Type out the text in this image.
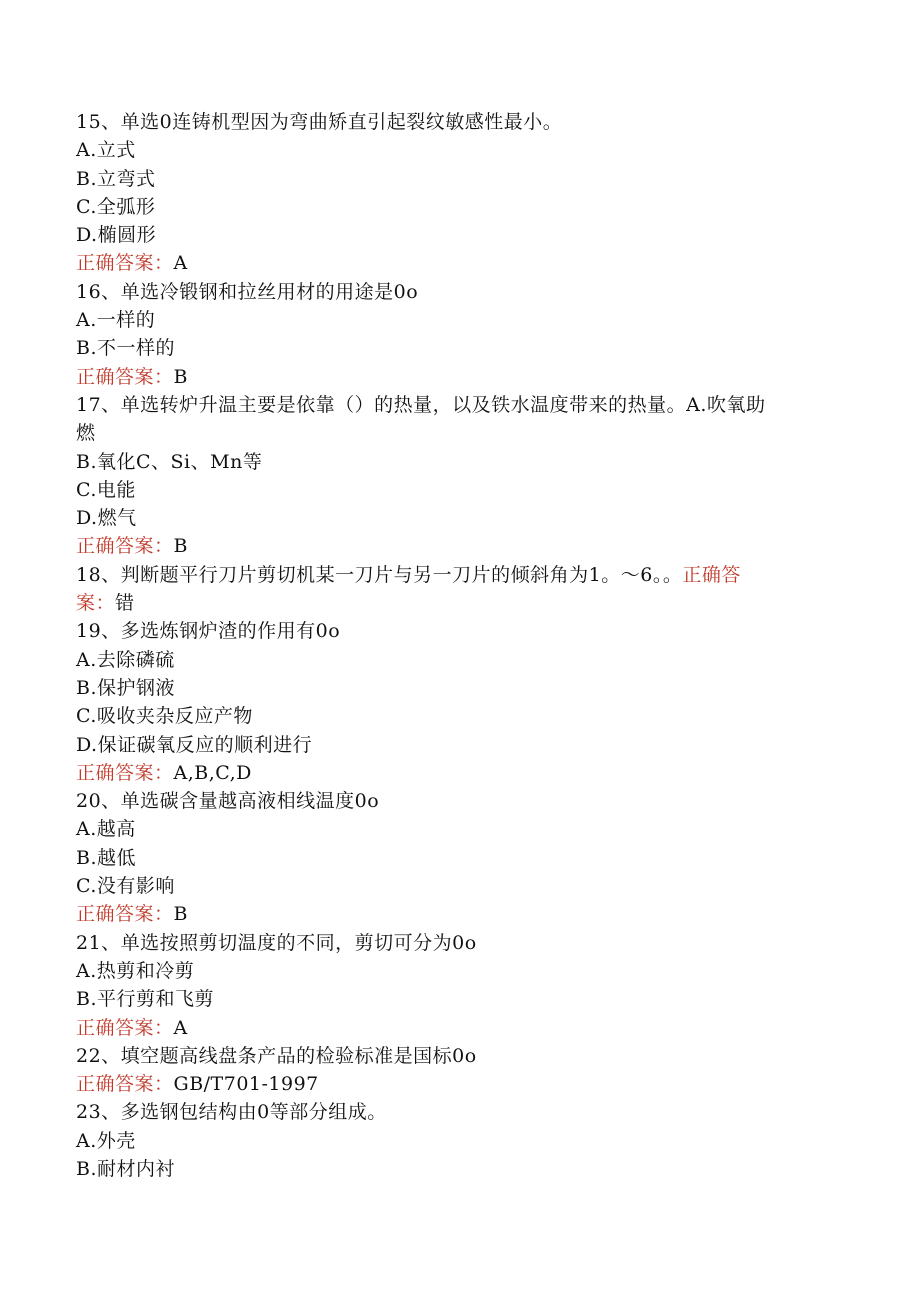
15、单选0连铸机型因为弯曲矫直引起裂纹敏感性最小。
A.立式
B.立弯式
C.全弧形
D.椭圆形
正确答案：A
16、单选冷锻钢和拉丝用材的用途是0o
A.一样的
B.不一样的
正确答案：B
17、单选转炉升温主要是依靠（）的热量，以及铁水温度带来的热量。A.吹氧助
燃
B.氧化C、Si、Mn等
C.电能
D.燃气
正确答案：B
18、判断题平行刀片剪切机某一刀片与另一刀片的倾斜角为1。～6。。正确答
案：错
19、多选炼钢炉渣的作用有0o
A.去除磷硫
B.保护钢液
C.吸收夹杂反应产物
D.保证碳氧反应的顺利进行
正确答案：A,B,C,D
20、单选碳含量越高液相线温度0o
A.越高
B.越低
C.没有影响
正确答案：B
21、单选按照剪切温度的不同，剪切可分为0o
A.热剪和冷剪
B.平行剪和飞剪
正确答案：A
22、填空题高线盘条产品的检验标准是国标0o
正确答案：GB/T701-1997
23、多选钢包结构由0等部分组成。
A.外壳
B.耐材内衬
